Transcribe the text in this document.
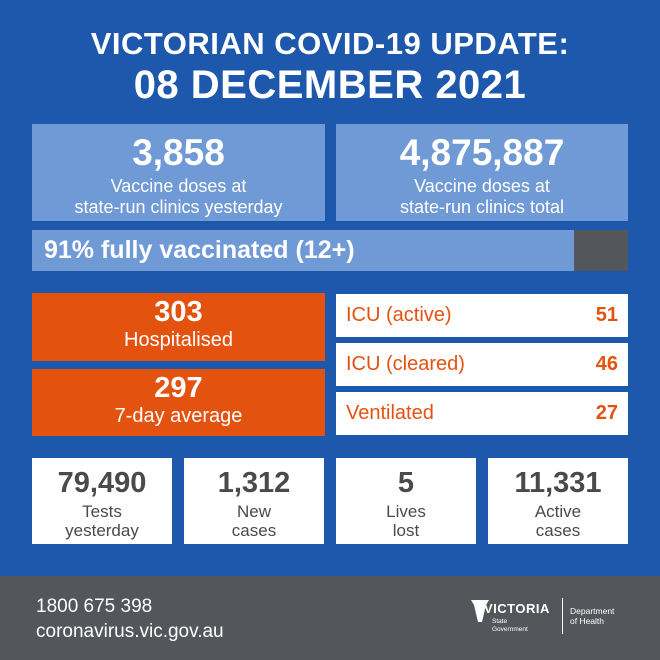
VICTORIAN COVID-19 UPDATE:
08 DECEMBER 2021
3,858
Vaccine doses at
state-run clinics yesterday
4,875,887
Vaccine doses at
state-run clinics total
91% fully vaccinated (12+)
303
Hospitalised
297
7-day average
ICU (active)	51
ICU (cleared)	46
Ventilated	27
79,490
Tests
yesterday
1,312
New
cases
5
Lives
lost
11,331
Active
cases
1800 675 398
coronavirus.vic.gov.au
VICTORIA
State
Government
Department
of Health
